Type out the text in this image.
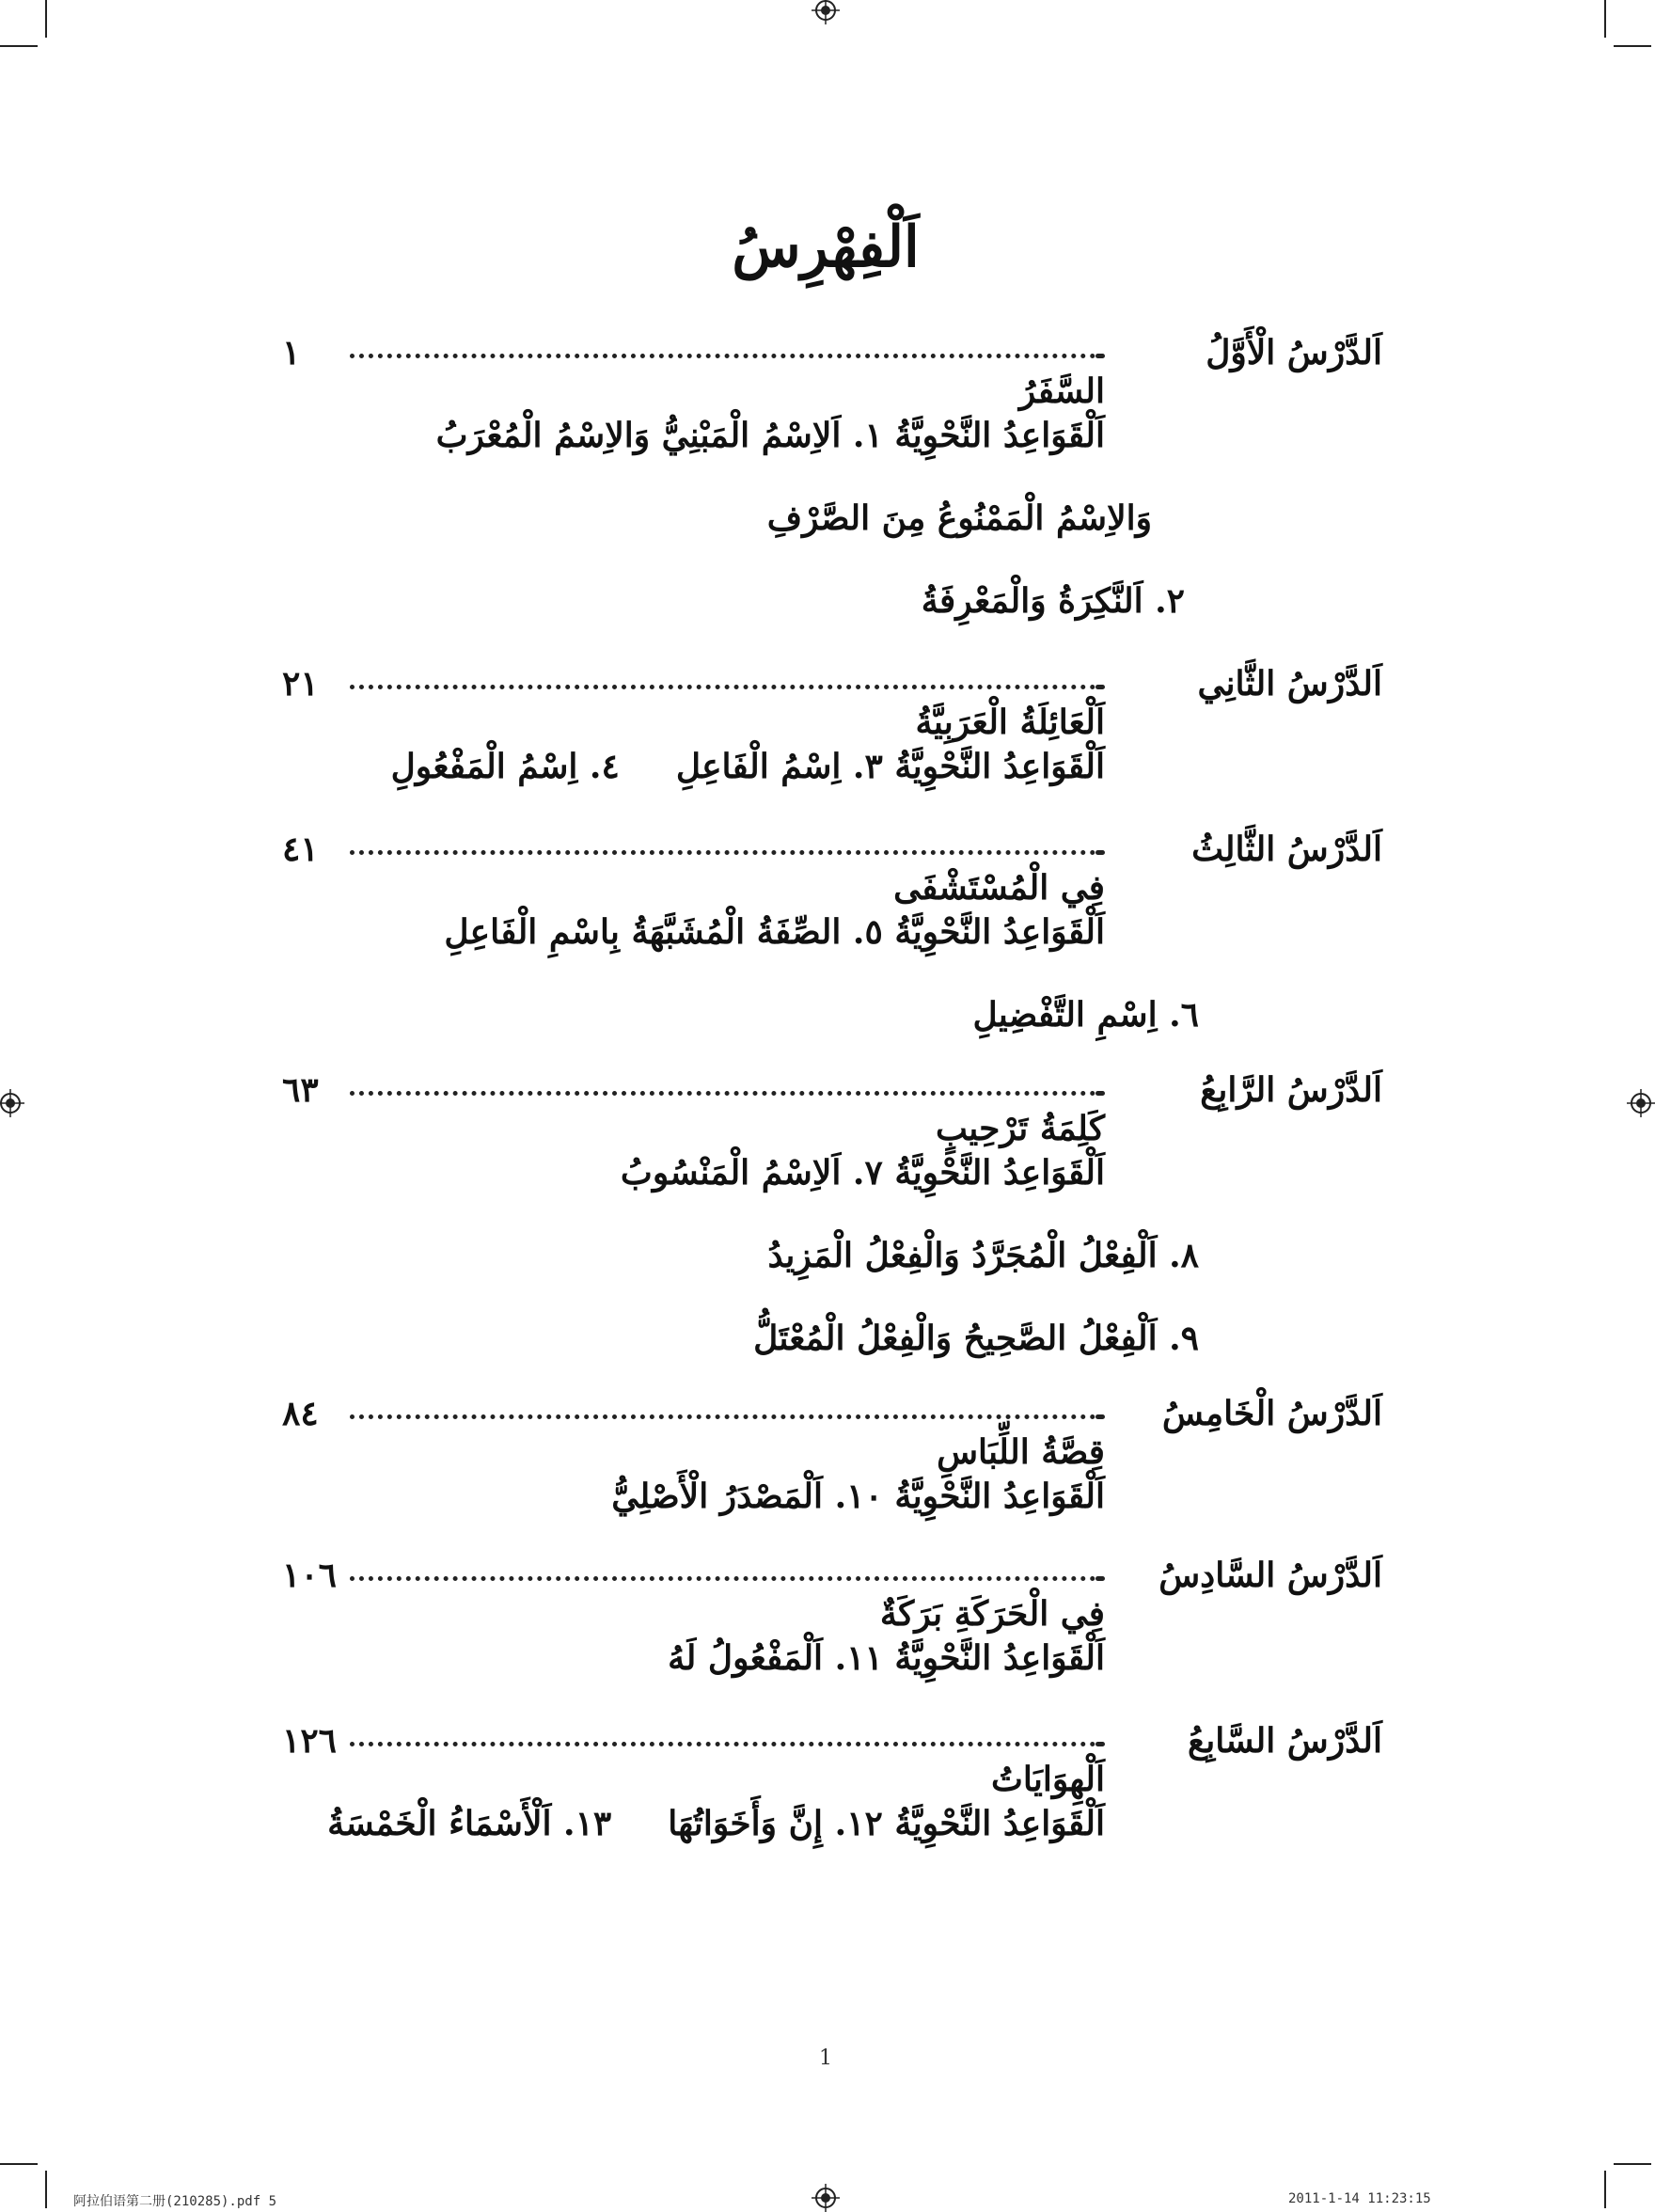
اَلْفِهْرِسُ
اَلدَّرْسُ الْأَوَّلُ
السَّفَرُ
١
اَلْقَوَاعِدُ النَّحْوِيَّةُ ١. اَلاِسْمُ الْمَبْنِيُّ وَالاِسْمُ الْمُعْرَبُ
وَالاِسْمُ الْمَمْنُوعُ مِنَ الصَّرْفِ
٢. اَلنَّكِرَةُ وَالْمَعْرِفَةُ
اَلدَّرْسُ الثَّانِي
اَلْعَائِلَةُ الْعَرَبِيَّةُ
٢١
اَلْقَوَاعِدُ النَّحْوِيَّةُ ٣. اِسْمُ الْفَاعِلِ٤. اِسْمُ الْمَفْعُولِ
اَلدَّرْسُ الثَّالِثُ
فِي الْمُسْتَشْفَى
٤١
اَلْقَوَاعِدُ النَّحْوِيَّةُ ٥. الصِّفَةُ الْمُشَبَّهَةُ بِاسْمِ الْفَاعِلِ
٦. اِسْمِ التَّفْضِيلِ
اَلدَّرْسُ الرَّابِعُ
كَلِمَةُ تَرْحِيبٍ
٦٣
اَلْقَوَاعِدُ النَّحْوِيَّةُ ٧. اَلاِسْمُ الْمَنْسُوبُ
٨. اَلْفِعْلُ الْمُجَرَّدُ وَالْفِعْلُ الْمَزِيدُ
٩. اَلْفِعْلُ الصَّحِيحُ وَالْفِعْلُ الْمُعْتَلُّ
اَلدَّرْسُ الْخَامِسُ
قِصَّةُ اللِّبَاسِ
٨٤
اَلْقَوَاعِدُ النَّحْوِيَّةُ ١٠. اَلْمَصْدَرُ الْأَصْلِيُّ
اَلدَّرْسُ السَّادِسُ
فِي الْحَرَكَةِ بَرَكَةٌ
١٠٦
اَلْقَوَاعِدُ النَّحْوِيَّةُ ١١. اَلْمَفْعُولُ لَهُ
اَلدَّرْسُ السَّابِعُ
اَلْهِوَايَاتُ
١٢٦
اَلْقَوَاعِدُ النَّحْوِيَّةُ ١٢. إِنَّ وَأَخَوَاتُهَا١٣. اَلْأَسْمَاءُ الْخَمْسَةُ
1
阿拉伯语第二册(210285).pdf 5	2011-1-14 11:23:15
